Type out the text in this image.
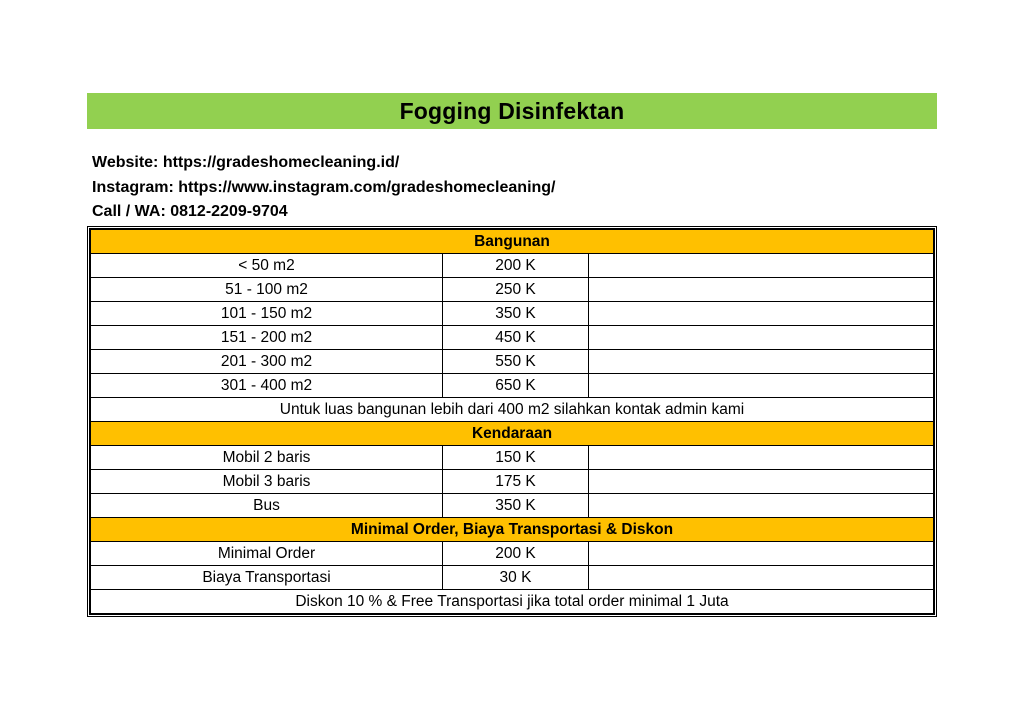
Fogging Disinfektan
Website: https://gradeshomecleaning.id/
Instagram: https://www.instagram.com/gradeshomecleaning/
Call / WA: 0812-2209-9704
Bangunan		
< 50 m2	200 K	
51 - 100 m2	250 K	
101 - 150 m2	350 K	
151 - 200 m2	450 K	
201 - 300 m2	550 K	
301 - 400 m2	650 K	
Untuk luas bangunan lebih dari 400 m2 silahkan kontak admin kami		
Kendaraan		
Mobil 2 baris	150 K	
Mobil 3 baris	175 K	
Bus	350 K	
Minimal Order, Biaya Transportasi & Diskon		
Minimal Order	200 K	
Biaya Transportasi	30 K	
Diskon 10 % & Free Transportasi jika total order minimal 1 Juta		
